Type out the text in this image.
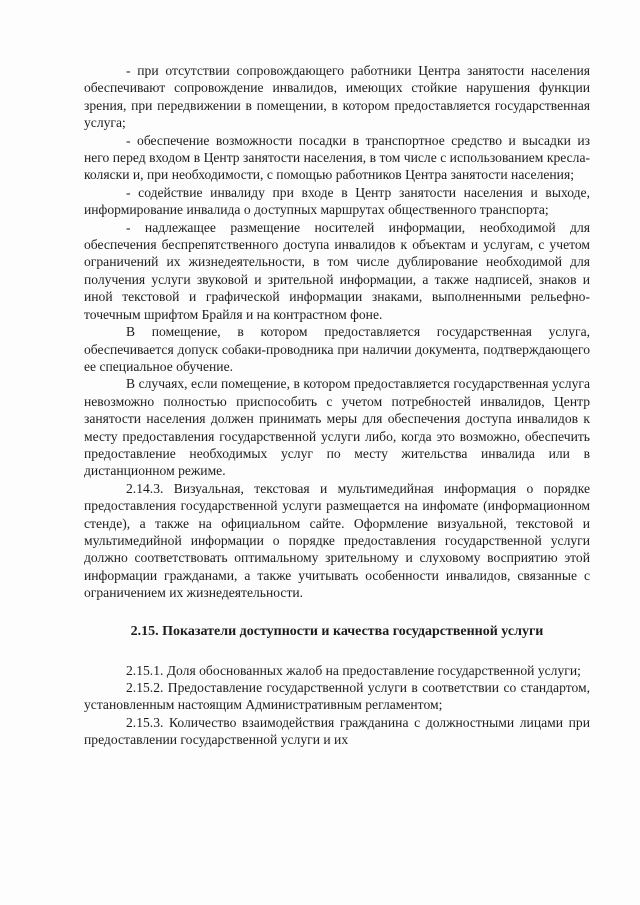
- при отсутствии сопровождающего работники Центра занятости населения обеспечивают сопровождение инвалидов, имеющих стойкие нарушения функции зрения, при передвижении в помещении, в котором предоставляется государственная услуга;

- обеспечение возможности посадки в транспортное средство и высадки из него перед входом в Центр занятости населения, в том числе с использованием кресла-коляски и, при необходимости, с помощью работников Центра занятости населения;

- содействие инвалиду при входе в Центр занятости населения и выходе, информирование инвалида о доступных маршрутах общественного транспорта;

- надлежащее размещение носителей информации, необходимой для обеспечения беспрепятственного доступа инвалидов к объектам и услугам, с учетом ограничений их жизнедеятельности, в том числе дублирование необходимой для получения услуги звуковой и зрительной информации, а также надписей, знаков и иной текстовой и графической информации знаками, выполненными рельефно-точечным шрифтом Брайля и на контрастном фоне.

В помещение, в котором предоставляется государственная услуга, обеспечивается допуск собаки-проводника при наличии документа, подтверждающего ее специальное обучение.

В случаях, если помещение, в котором предоставляется государственная услуга невозможно полностью приспособить с учетом потребностей инвалидов, Центр занятости населения должен принимать меры для обеспечения доступа инвалидов к месту предоставления государственной услуги либо, когда это возможно, обеспечить предоставление необходимых услуг по месту жительства инвалида или в дистанционном режиме.

2.14.3. Визуальная, текстовая и мультимедийная информация о порядке предоставления государственной услуги размещается на инфомате (информационном стенде), а также на официальном сайте. Оформление визуальной, текстовой и мультимедийной информации о порядке предоставления государственной услуги должно соответствовать оптимальному зрительному и слуховому восприятию этой информации гражданами, а также учитывать особенности инвалидов, связанные с ограничением их жизнедеятельности.

2.15. Показатели доступности и качества государственной услуги

2.15.1. Доля обоснованных жалоб на предоставление государственной услуги;

2.15.2. Предоставление государственной услуги в соответствии со стандартом, установленным настоящим Административным регламентом;

2.15.3. Количество взаимодействия гражданина с должностными лицами при предоставлении государственной услуги и их
